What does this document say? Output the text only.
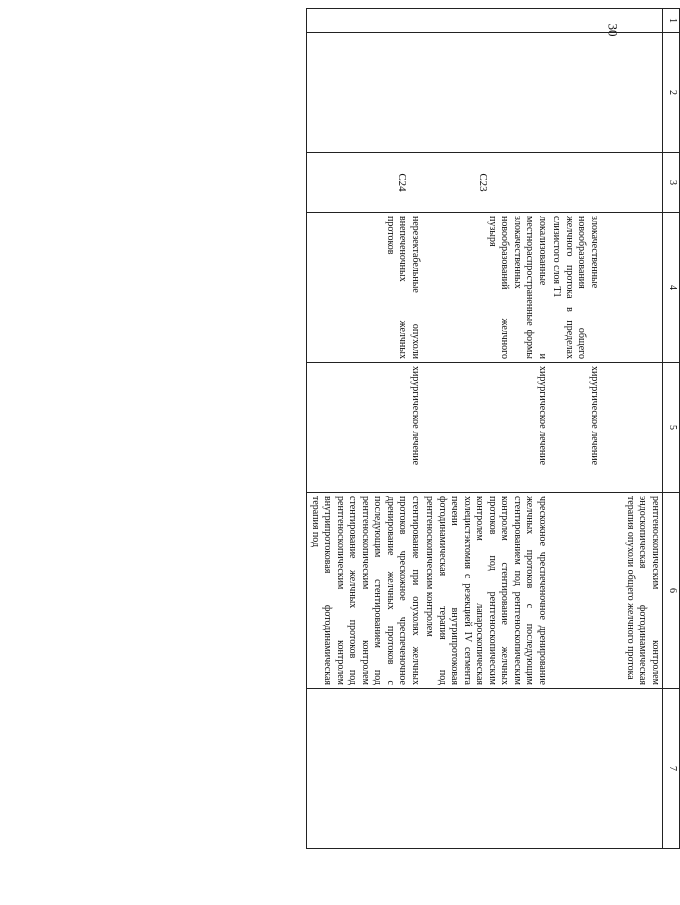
30
1	2	3	4	5	6	7
					рентгеноскопическим контролем эндоскопическая фотодинамическая терапия опухоли общего желчного протока	
			злокачественные новообразования общего желчного протока в пределах слизистого слоя T1	хирургическое лечение		
		C23	локализованные и местнораспространенные формы злокачественных новообразований желчного пузыря	хирургическое лечение	чрескожное чреспеченочное дренирование желчных протоков с последующим стентированием под рентгеноскопическим контролем стентирование желчных протоков под рентгеноскопическим контролем лапароскопическая холецистэктомия с резекцией IV сегмента печени внутрипротоковая фотодинамическая терапия под рентгеноскопическим контролем	
		C24	нерезектабельные опухоли внепеченочных желчных протоков	хирургическое лечение	стентирование при опухолях желчных протоков чрескожное чреспеченочное дренирование желчных протоков с последующим стентированием под рентгеноскопическим контролем стентирование желчных протоков под рентгеноскопическим контролем внутрипротоковая фотодинамическая терапия под	
